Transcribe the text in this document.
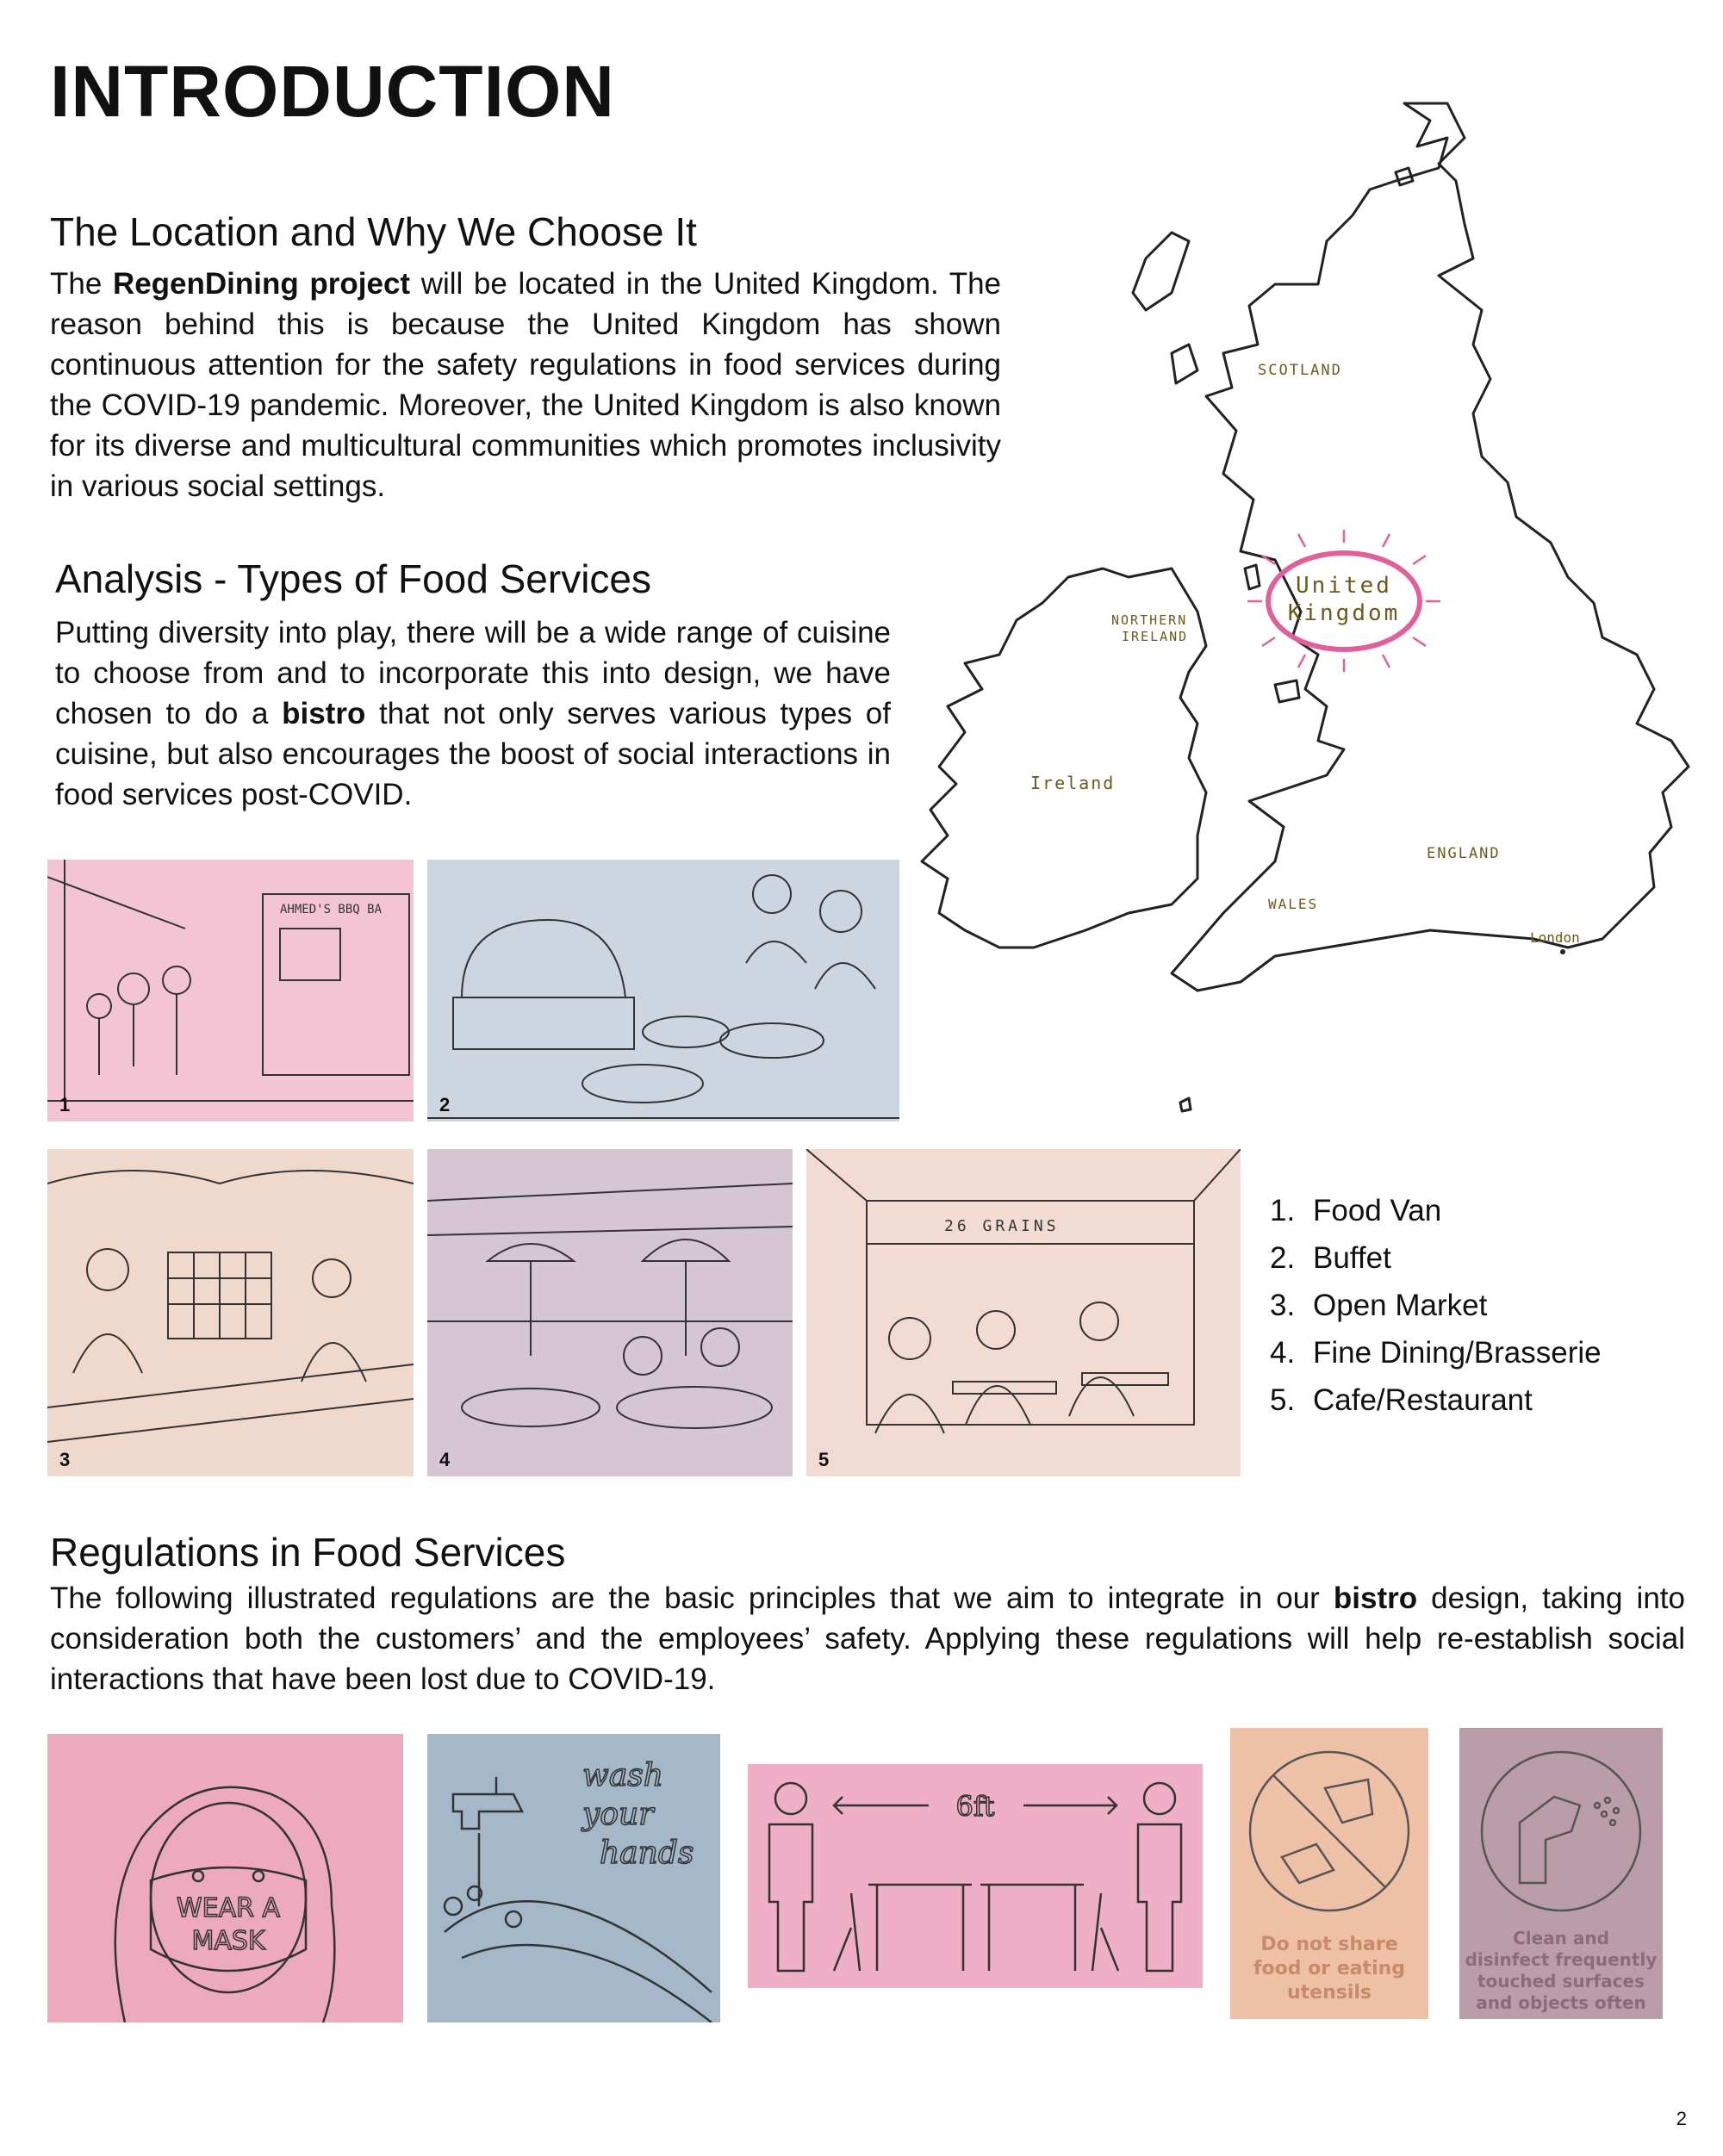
INTRODUCTION
The Location and Why We Choose It

The RegenDining project will be located in the United Kingdom. The reason behind this is because the United Kingdom has shown continuous attention for the safety regulations in food services during the COVID-19 pandemic. Moreover, the United Kingdom is also known for its diverse and multicultural communities which promotes inclusivity in various social settings.

Analysis - Types of Food Services

Putting diversity into play, there will be a wide range of cuisine to choose from and to incorporate this into design, we have chosen to do a bistro that not only serves various types of cuisine, but also encourages the boost of social interactions in food services post-COVID.

SCOTLAND
NORTHERN
IRELAND
Ireland
ENGLAND
WALES
London
United
Kingdom
AHMED'S BBQ BA
1	2
3	4
26 GRAINS
5
1. Food Van
2. Buffet
3. Open Market
4. Fine Dining/Brasserie
5. Cafe/Restaurant
Regulations in Food Services

The following illustrated regulations are the basic principles that we aim to integrate in our bistro design, taking into consideration both the customers’ and the employees’ safety. Applying these regulations will help re-establish social interactions that have been lost due to COVID-19.

WEAR A
MASK
wash
your
hands
6ft
Do not share
food or eating
utensils
Clean and
disinfect frequently
touched surfaces
and objects often
2
